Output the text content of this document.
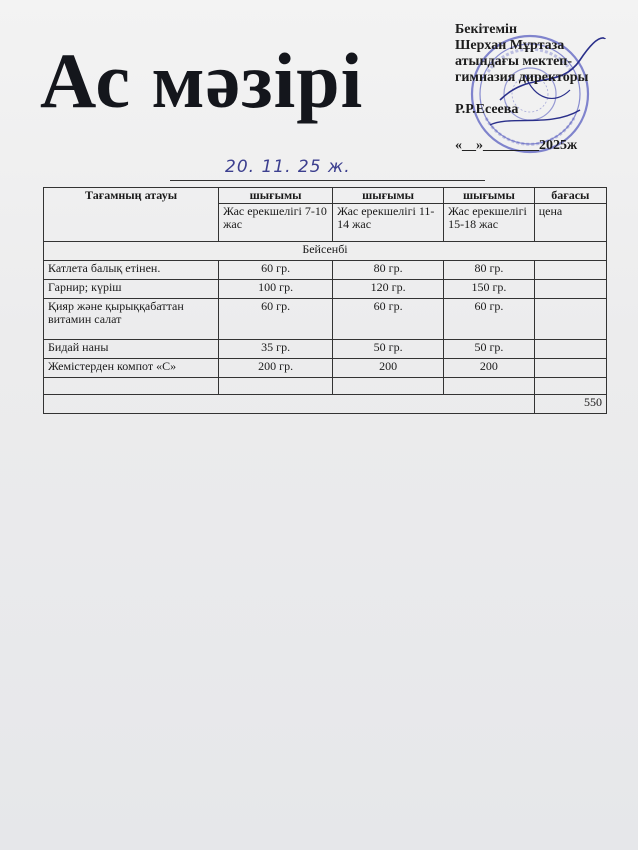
Ас мәзірі
Бекітемін
Шерхан Мұртаза
атындағы мектеп-
гимназия директоры
Р.Р.Есеева
«__»________2025ж
20. 11. 25 ж.
Тағамның атауы	шығымы	шығымы	шығымы	бағасы
	Жас ерекшелігі 7-10 жас	Жас ерекшелігі 11-14 жас	Жас ерекшелігі 15-18 жас	цена
Бейсенбі				
Катлета балық етінен.	60 гр.	80 гр.	80 гр.	
Гарнир; күріш	100 гр.	120 гр.	150 гр.	
Қияр және қырыққабаттан витамин салат	60 гр.	60 гр.	60 гр.	
Бидай наны	35 гр.	50 гр.	50 гр.	
Жемістерден компот «С»	200 гр.	200	200	

				550
